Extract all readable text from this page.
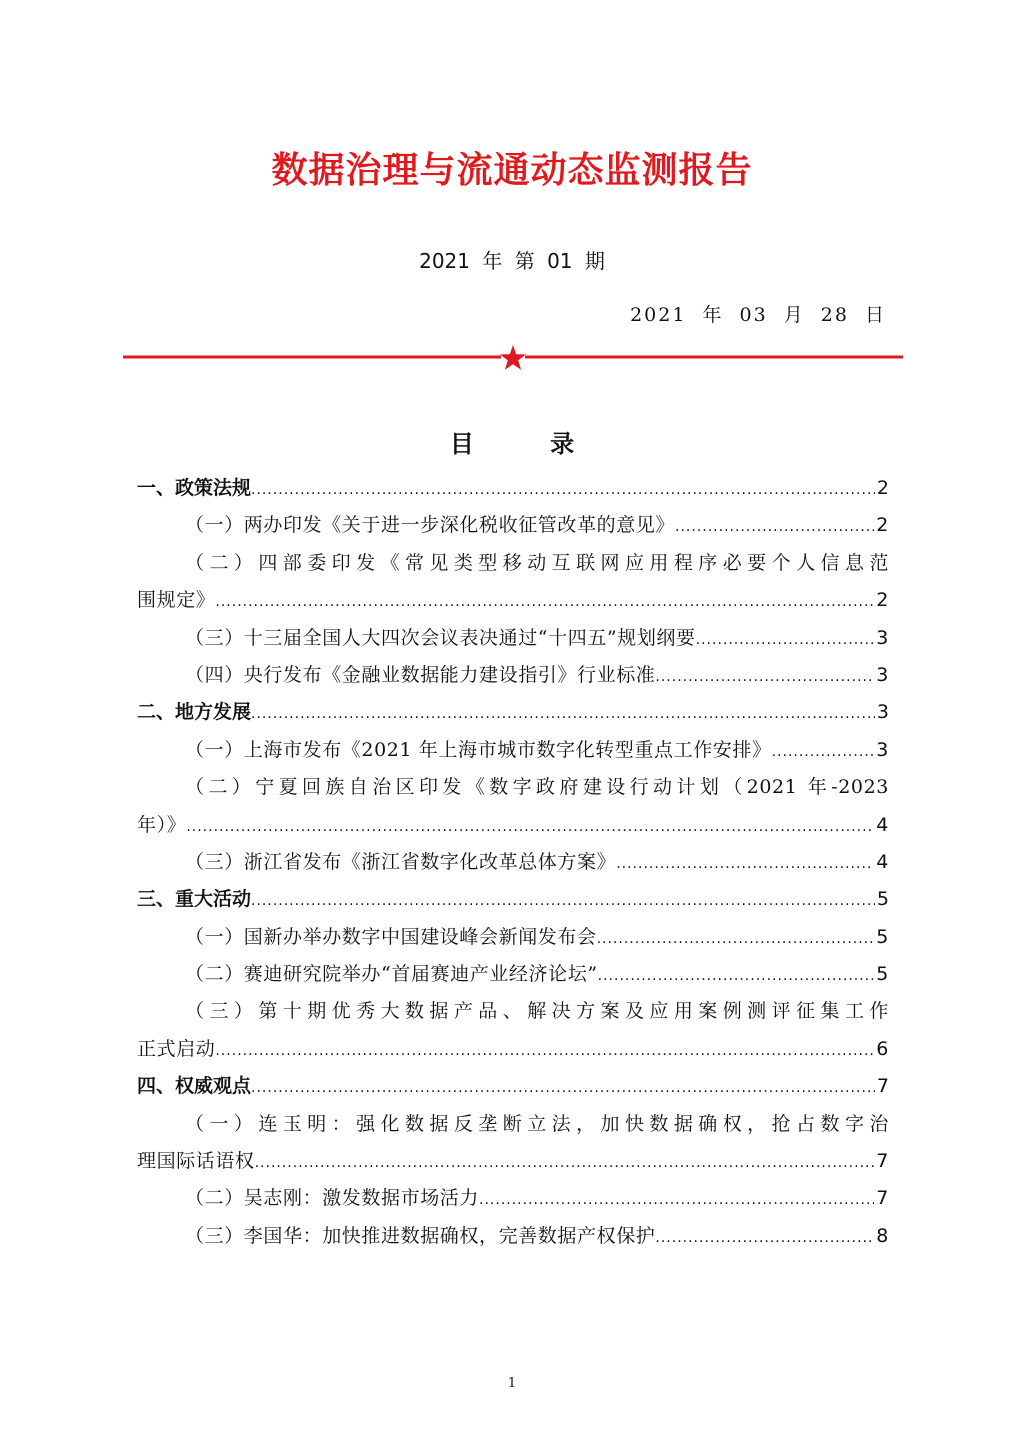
数据治理与流通动态监测报告
2021 年 第 01 期
2021 年 03 月 28 日
目 录
一、政策法规 .....	2
（一）两办印发《关于进一步深化税收征管改革的意见》 .....	2
（二）四部委印发《常见类型移动互联网应用程序必要个人信息范
围规定》 .....	2
（三）十三届全国人大四次会议表决通过“十四五”规划纲要 .....	3
（四）央行发布《金融业数据能力建设指引》行业标准 .....	3
二、地方发展 .....	3
（一）上海市发布《2021 年上海市城市数字化转型重点工作安排》 .....	3
（二）宁夏回族自治区印发《数字政府建设行动计划（2021 年-2023
年）》 .....	4
（三）浙江省发布《浙江省数字化改革总体方案》 .....	4
三、重大活动 .....	5
（一）国新办举办数字中国建设峰会新闻发布会 .....	5
（二）赛迪研究院举办“首届赛迪产业经济论坛” .....	5
（三）第十期优秀大数据产品、解决方案及应用案例测评征集工作
正式启动 .....	6
四、权威观点 .....	7
（一）连玉明：强化数据反垄断立法，加快数据确权，抢占数字治
理国际话语权 .....	7
（二）吴志刚：激发数据市场活力 .....	7
（三）李国华：加快推进数据确权，完善数据产权保护 .....	8
1
